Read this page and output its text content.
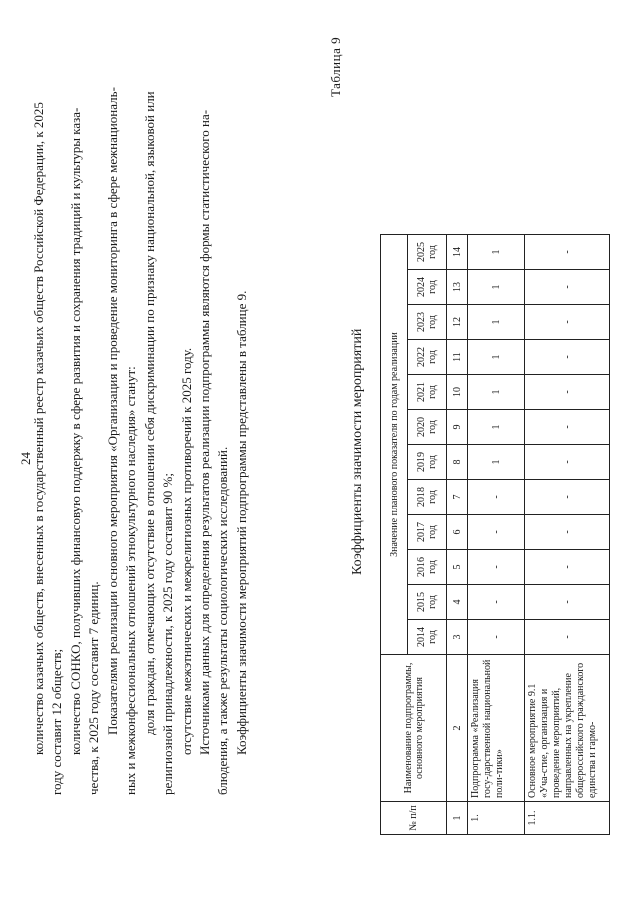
24
количество казачьих обществ, внесенных в государственный реестр казачьих обществ Российской Федерации, к 2025 году составит 12 обществ; количество СОНКО, получивших финансовую поддержку в сфере развития и сохранения традиций и культуры каза- чества, к 2025 году составит 7 единиц. Показателями реализации основного мероприятия «Организация и проведение мониторинга в сфере межнациональ- ных и межконфессиональных отношений этнокультурного наследия» станут: доля граждан, отмечающих отсутствие в отношении себя дискриминации по признаку национальной, языковой или религиозной принадлежности, к 2025 году составит 90 %; отсутствие межэтнических и межрелигиозных противоречий к 2025 году. Источниками данных для определения результатов реализации подпрограммы являются формы статистического на- блюдения, а также результаты социологических исследований. Коэффициенты значимости мероприятий подпрограммы представлены в таблице 9.
Таблица 9
Коэффициенты значимости мероприятий
№ п/п	Наименование подпрограммы, основного мероприятия	Значение планового показателя по годам реализации											
		2014 год	2015 год	2016 год	2017 год	2018 год	2019 год	2020 год	2021 год	2022 год	2023 год	2024 год	2025 год
1	2	3	4	5	6	7	8	9	10	11	12	13	14
1.	Подпрограмма «Реализация госу-дарственной национальной поли-тики»	-	-	-	-	-	1	1	1	1	1	1	1
1.1.	Основное мероприятие 9.1 «Уча-стие, организация и проведение мероприятий, направленных на укрепление общероссийского гражданского единства и гармо-	-	-	-	-	-	-	-	-	-	-	-	-
